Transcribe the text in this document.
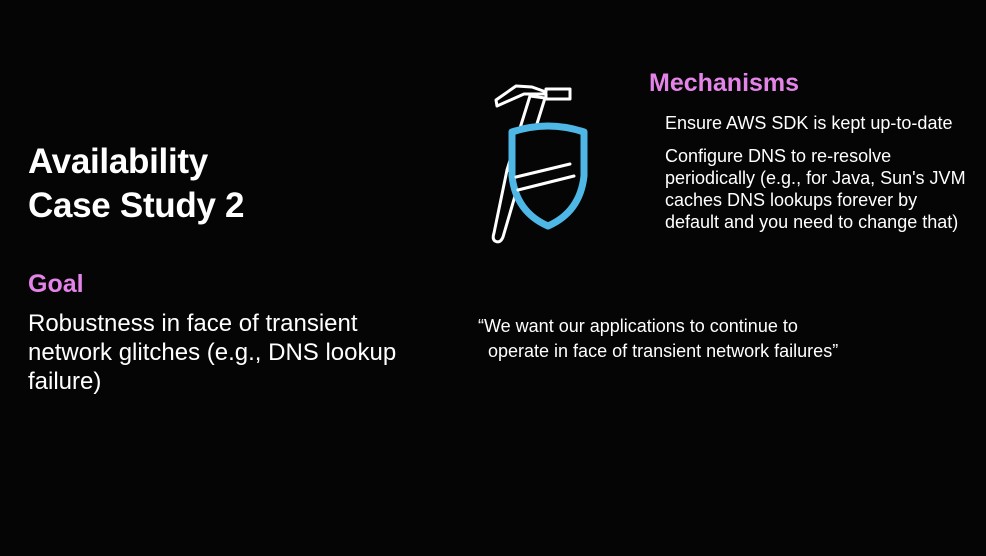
Availability
Case Study 2
Goal
Robustness in face of transient network glitches (e.g., DNS lookup failure)
Mechanisms
Ensure AWS SDK is kept up-to-date
Configure DNS to re-resolve periodically (e.g., for Java, Sun's JVM caches DNS lookups forever by default and you need to change that)
“We want our applications to continue to
operate in face of transient network failures”
